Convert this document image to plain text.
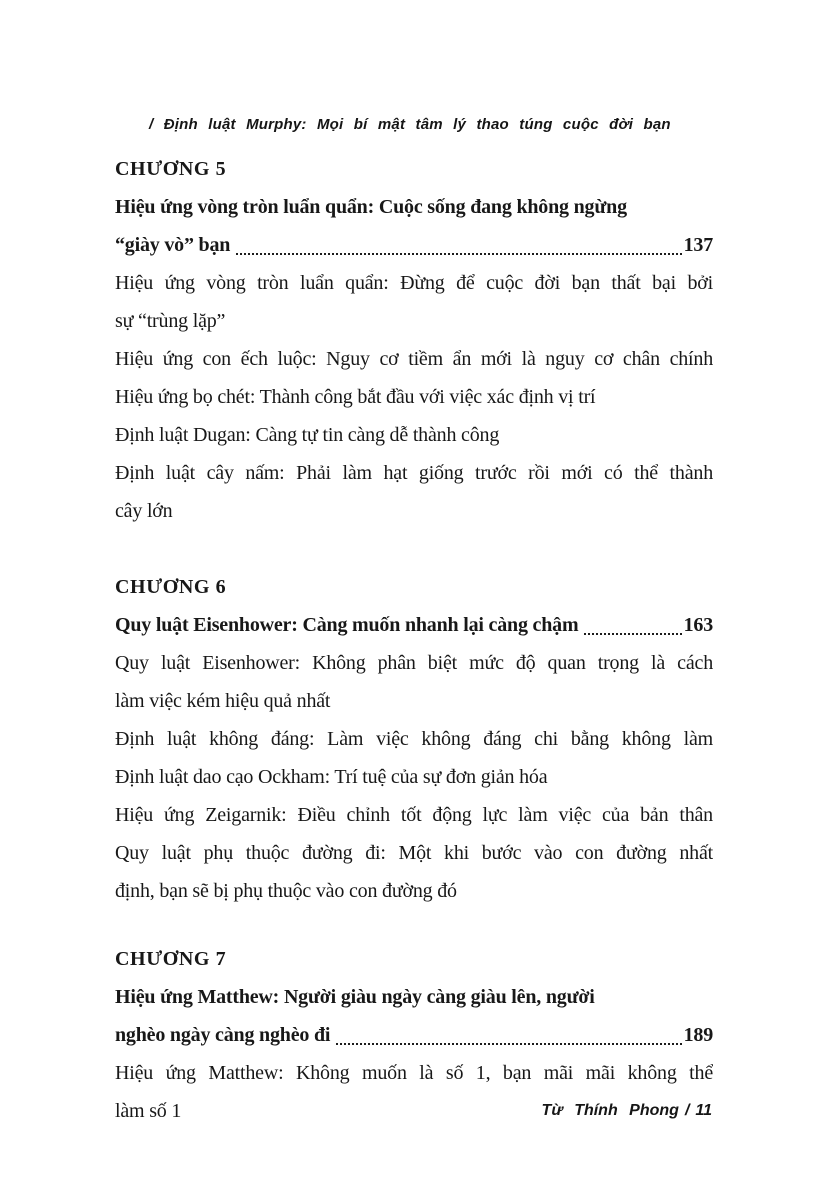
/ Định luật Murphy: Mọi bí mật tâm lý thao túng cuộc đời bạn
CHƯƠNG 5
Hiệu ứng vòng tròn luẩn quẩn: Cuộc sống đang không ngừng
“giày vò” bạn	137
Hiệu ứng vòng tròn luẩn quẩn: Đừng để cuộc đời bạn thất bại bởi
sự “trùng lặp”
Hiệu ứng con ếch luộc: Nguy cơ tiềm ẩn mới là nguy cơ chân chính
Hiệu ứng bọ chét: Thành công bắt đầu với việc xác định vị trí
Định luật Dugan: Càng tự tin càng dễ thành công
Định luật cây nấm: Phải làm hạt giống trước rồi mới có thể thành
cây lớn
CHƯƠNG 6
Quy luật Eisenhower: Càng muốn nhanh lại càng chậm	163
Quy luật Eisenhower: Không phân biệt mức độ quan trọng là cách
làm việc kém hiệu quả nhất
Định luật không đáng: Làm việc không đáng chi bằng không làm
Định luật dao cạo Ockham: Trí tuệ của sự đơn giản hóa
Hiệu ứng Zeigarnik: Điều chỉnh tốt động lực làm việc của bản thân
Quy luật phụ thuộc đường đi: Một khi bước vào con đường nhất
định, bạn sẽ bị phụ thuộc vào con đường đó
CHƯƠNG 7
Hiệu ứng Matthew: Người giàu ngày càng giàu lên, người
nghèo ngày càng nghèo đi	189
Hiệu ứng Matthew: Không muốn là số 1, bạn mãi mãi không thể
làm số 1	Từ Thính Phong / 11
